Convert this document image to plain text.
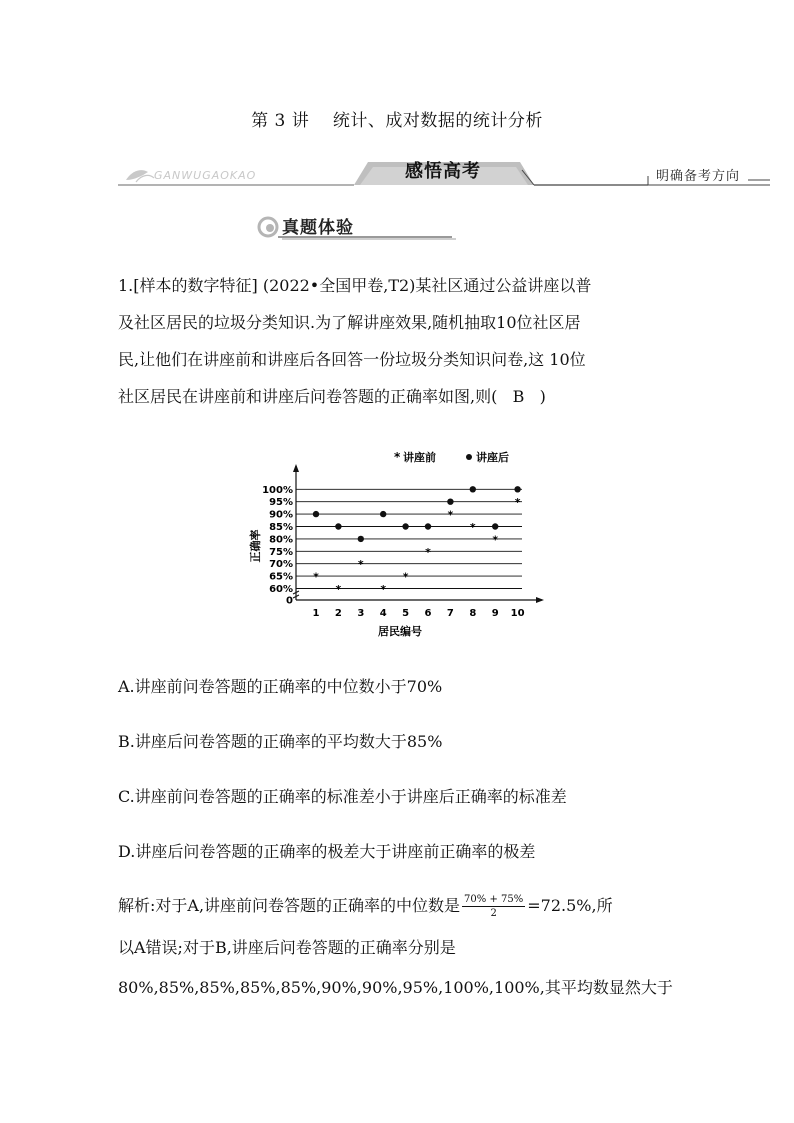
第 3 讲    统计、成对数据的统计分析
GANWUGAOKAO	感悟高考	明确备考方向
真题体验
1.[样本的数字特征] (2022•全国甲卷,T2)某社区通过公益讲座以普
及社区居民的垃圾分类知识.为了解讲座效果,随机抽取10位社区居
民,让他们在讲座前和讲座后各回答一份垃圾分类知识问卷,这 10位
社区居民在讲座前和讲座后问卷答题的正确率如图,则(   B   )
0
60%
65%
70%
75%
80%
85%
90%
95%
100%
1 2 3 4 5 6 7 8 9 10
居民编号
正确率
* 讲座前	讲座后
*
*
*
*
*
*
*
*
*
*
A.讲座前问卷答题的正确率的中位数小于70%
B.讲座后问卷答题的正确率的平均数大于85%
C.讲座前问卷答题的正确率的标准差小于讲座后正确率的标准差
D.讲座后问卷答题的正确率的极差大于讲座前正确率的极差
解析:对于A,讲座前问卷答题的正确率的中位数是 $\frac{70\% + 75\%}{2} =72.5\%$,所
以A错误;对于B,讲座后问卷答题的正确率分别是
80%,85%,85%,85%,85%,90%,90%,95%,100%,100%,其平均数显然大于
